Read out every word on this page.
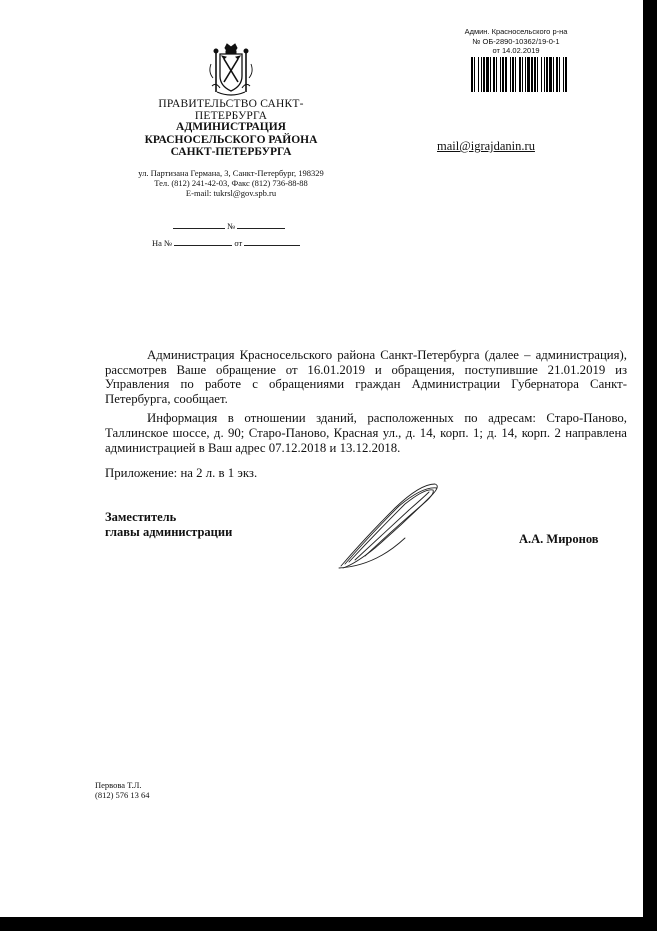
ПРАВИТЕЛЬСТВО САНКТ-ПЕТЕРБУРГА
АДМИНИСТРАЦИЯ
КРАСНОСЕЛЬСКОГО РАЙОНА
САНКТ-ПЕТЕРБУРГА
ул. Партизана Германа, 3, Санкт-Петербург, 198329
Тел. (812) 241-42-03, Факс (812) 736-88-88
E-mail: tukrsl@gov.spb.ru
№
На №	от
Админ. Красносельского р-на
№ ОБ-2890-10362/19-0-1
от 14.02.2019
mail@igrajdanin.ru

Администрация Красносельского района Санкт-Петербурга (далее – администрация), рассмотрев Ваше обращение от 16.01.2019 и обращения, поступившие 21.01.2019 из Управления по работе с обращениями граждан Администрации Губернатора Санкт-Петербурга, сообщает.

Информация в отношении зданий, расположенных по адресам: Старо-Паново, Таллинское шоссе, д. 90; Старо-Паново, Красная ул., д. 14, корп. 1; д. 14, корп. 2 направлена администрацией в Ваш адрес 07.12.2018 и 13.12.2018.

Приложение: на 2 л. в 1 экз.
Заместитель
главы администрации	А.А. Миронов
Первова Т.Л.
(812) 576 13 64
